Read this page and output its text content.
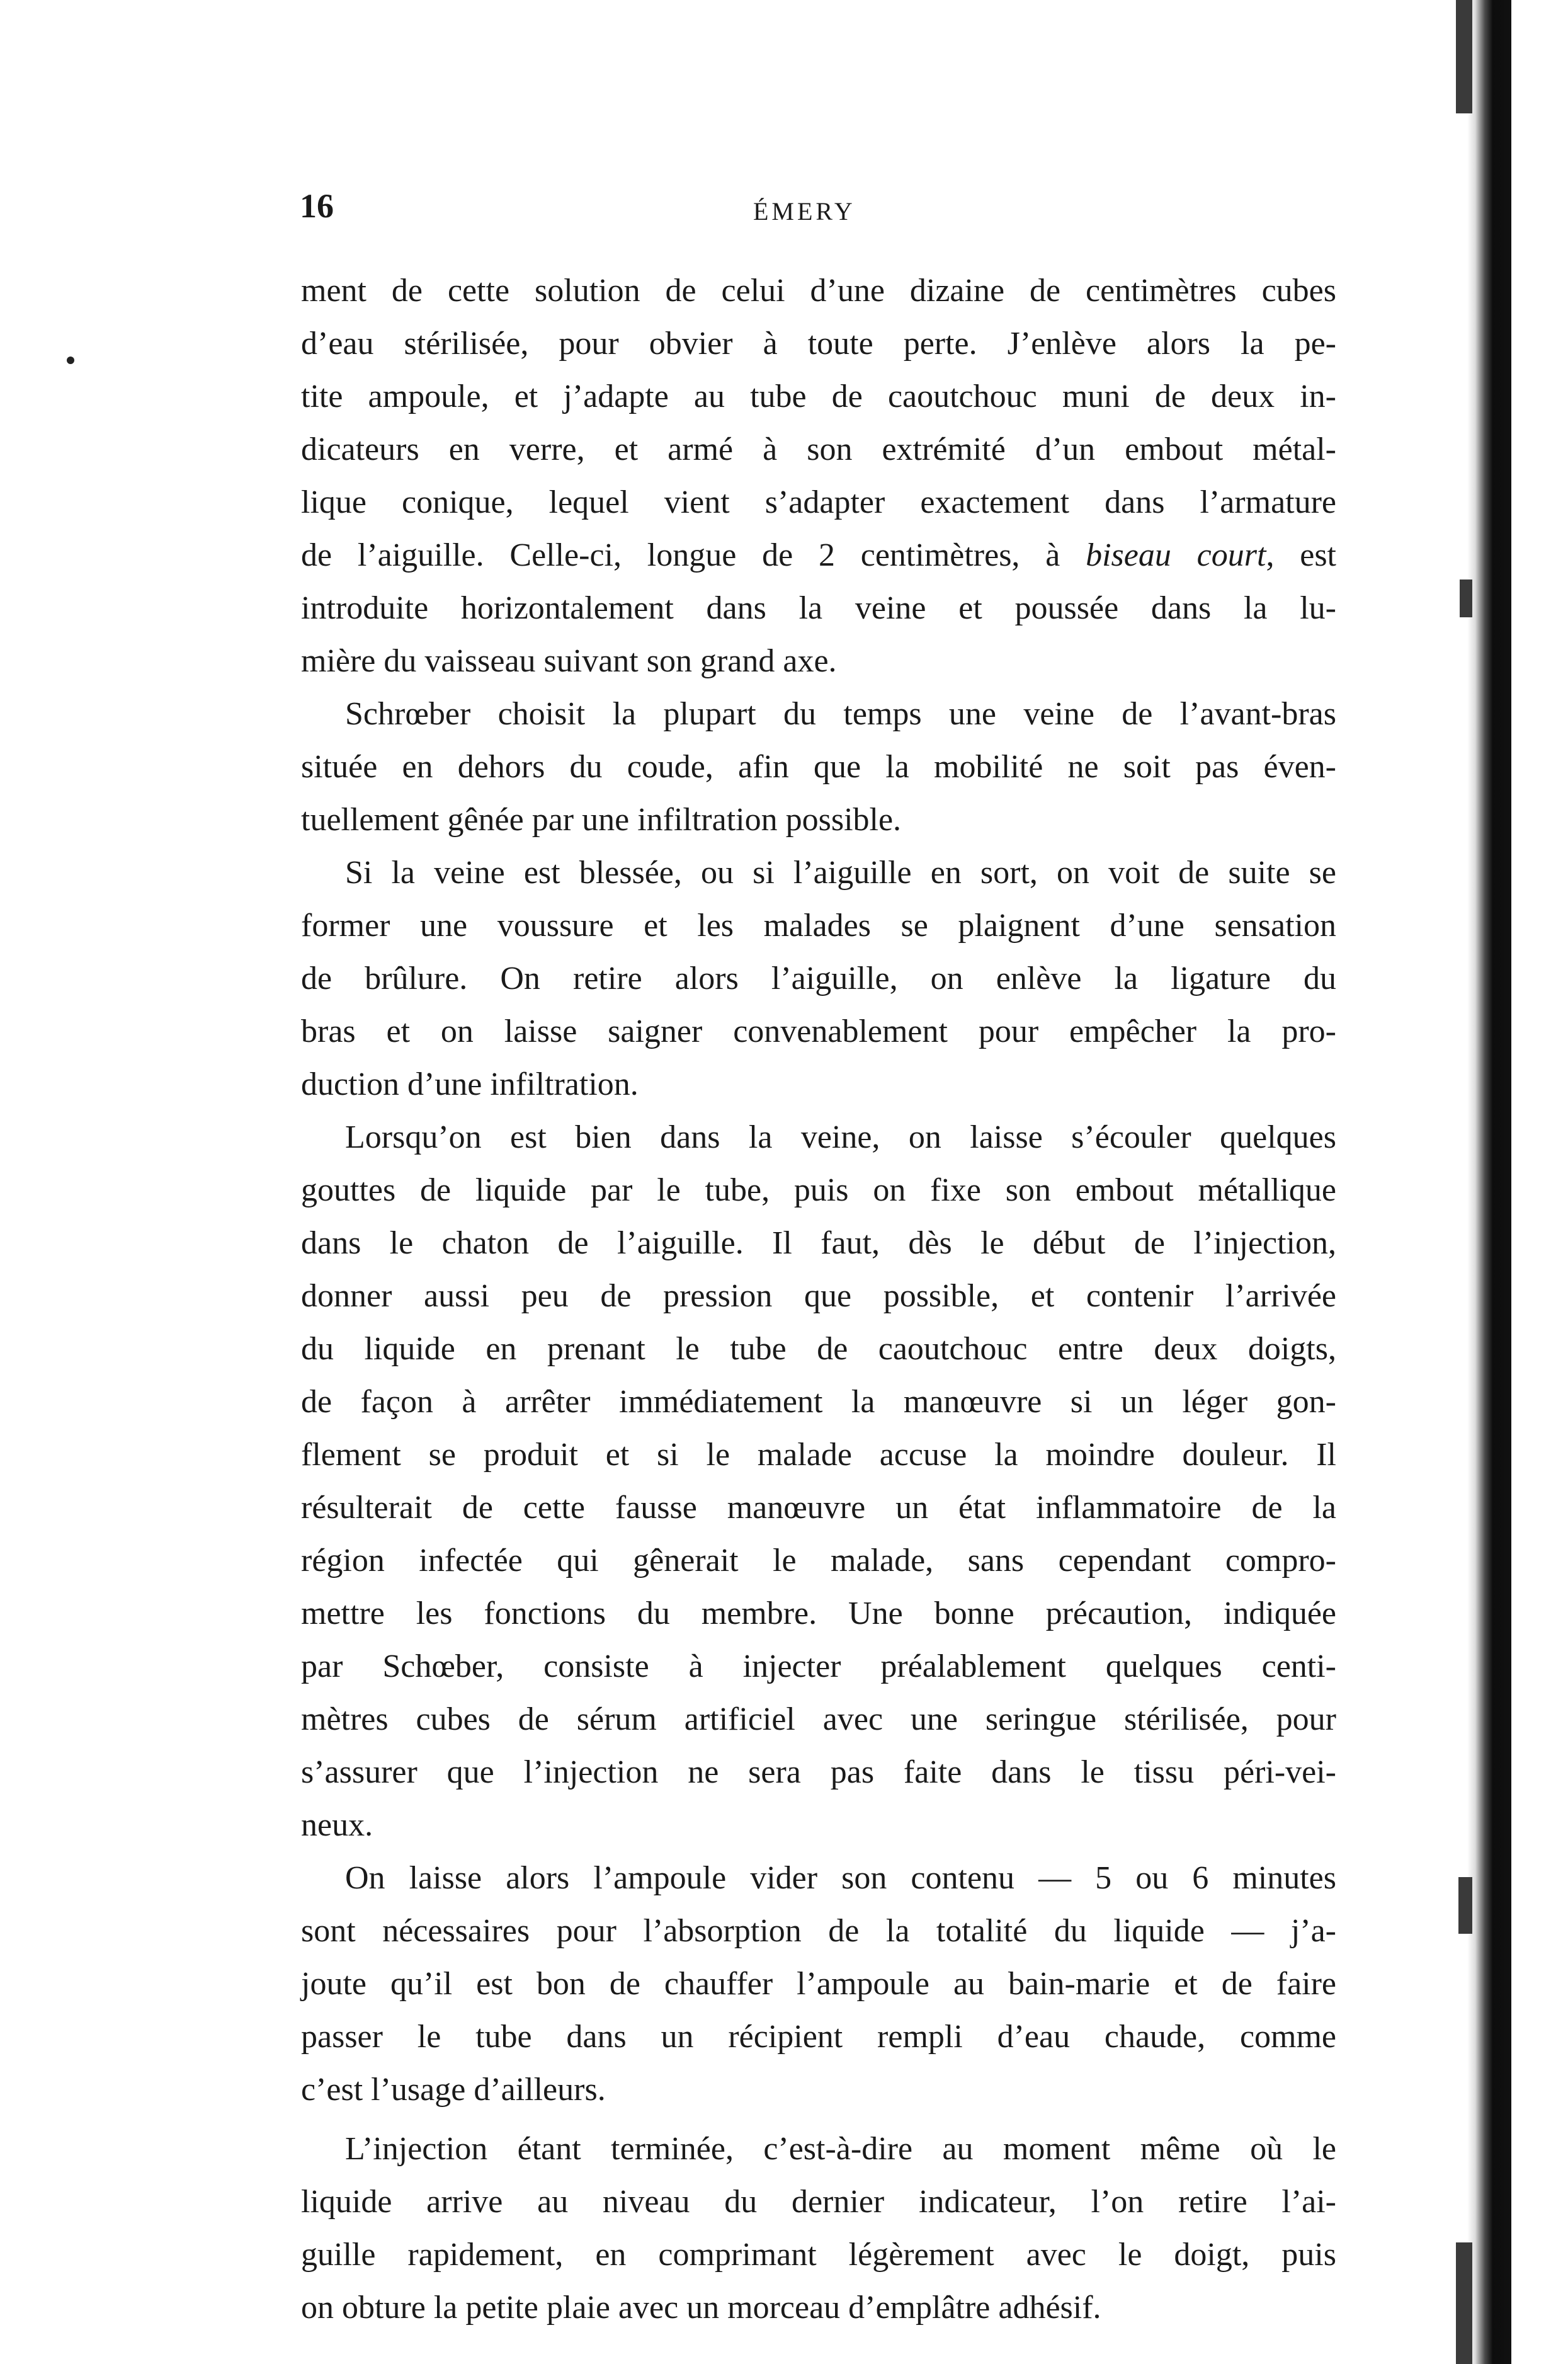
16	ÉMERY
ment de cette solution de celui d’une dizaine de centimètres cubes
d’eau stérilisée, pour obvier à toute perte. J’enlève alors la pe-
tite ampoule, et j’adapte au tube de caoutchouc muni de deux in-
dicateurs en verre, et armé à son extrémité d’un embout métal-
lique conique, lequel vient s’adapter exactement dans l’armature
de l’aiguille. Celle-ci, longue de 2 centimètres, à biseau court, est
introduite horizontalement dans la veine et poussée dans la lu-
mière du vaisseau suivant son grand axe.
Schrœber choisit la plupart du temps une veine de l’avant-bras
située en dehors du coude, afin que la mobilité ne soit pas éven-
tuellement gênée par une infiltration possible.
Si la veine est blessée, ou si l’aiguille en sort, on voit de suite se
former une voussure et les malades se plaignent d’une sensation
de brûlure. On retire alors l’aiguille, on enlève la ligature du
bras et on laisse saigner convenablement pour empêcher la pro-
duction d’une infiltration.
Lorsqu’on est bien dans la veine, on laisse s’écouler quelques
gouttes de liquide par le tube, puis on fixe son embout métallique
dans le chaton de l’aiguille. Il faut, dès le début de l’injection,
donner aussi peu de pression que possible, et contenir l’arrivée
du liquide en prenant le tube de caoutchouc entre deux doigts,
de façon à arrêter immédiatement la manœuvre si un léger gon-
flement se produit et si le malade accuse la moindre douleur. Il
résulterait de cette fausse manœuvre un état inflammatoire de la
région infectée qui gênerait le malade, sans cependant compro-
mettre les fonctions du membre. Une bonne précaution, indiquée
par Schœber, consiste à injecter préalablement quelques centi-
mètres cubes de sérum artificiel avec une seringue stérilisée, pour
s’assurer que l’injection ne sera pas faite dans le tissu péri-vei-
neux.
On laisse alors l’ampoule vider son contenu — 5 ou 6 minutes
sont nécessaires pour l’absorption de la totalité du liquide — j’a-
joute qu’il est bon de chauffer l’ampoule au bain-marie et de faire
passer le tube dans un récipient rempli d’eau chaude, comme
c’est l’usage d’ailleurs.
L’injection étant terminée, c’est-à-dire au moment même où le
liquide arrive au niveau du dernier indicateur, l’on retire l’ai-
guille rapidement, en comprimant légèrement avec le doigt, puis
on obture la petite plaie avec un morceau d’emplâtre adhésif.
